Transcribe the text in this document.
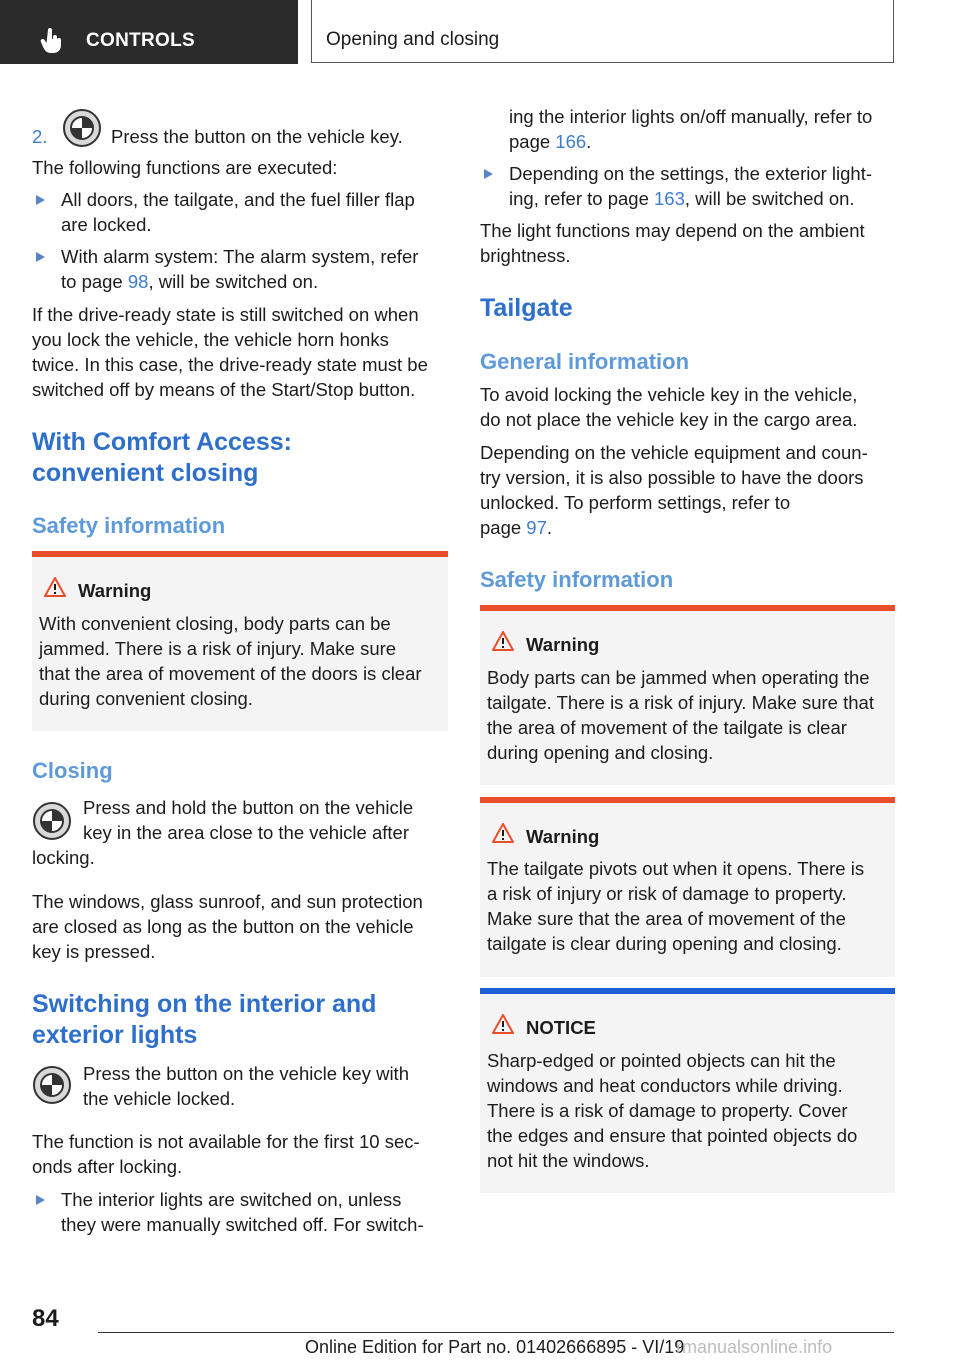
CONTROLS	Opening and closing
2.	Press the button on the vehicle key.
The following functions are executed:
All doors, the tailgate, and the fuel filler flap
are locked.
With alarm system: The alarm system, refer
to page 98, will be switched on.
If the drive-ready state is still switched on when
you lock the vehicle, the vehicle horn honks
twice. In this case, the drive-ready state must be
switched off by means of the Start/Stop button.
With Comfort Access:
convenient closing
Safety information
Warning
With convenient closing, body parts can be
jammed. There is a risk of injury. Make sure
that the area of movement of the doors is clear
during convenient closing.
Closing
Press and hold the button on the vehicle
key in the area close to the vehicle after
locking.
The windows, glass sunroof, and sun protection
are closed as long as the button on the vehicle
key is pressed.
Switching on the interior and
exterior lights
Press the button on the vehicle key with
the vehicle locked.
The function is not available for the first 10 sec-
onds after locking.
The interior lights are switched on, unless
they were manually switched off. For switch-
ing the interior lights on/off manually, refer to
page 166.
Depending on the settings, the exterior light-
ing, refer to page 163, will be switched on.
The light functions may depend on the ambient
brightness.
Tailgate
General information
To avoid locking the vehicle key in the vehicle,
do not place the vehicle key in the cargo area.
Depending on the vehicle equipment and coun-
try version, it is also possible to have the doors
unlocked. To perform settings, refer to
page 97.
Safety information
Warning
Body parts can be jammed when operating the
tailgate. There is a risk of injury. Make sure that
the area of movement of the tailgate is clear
during opening and closing.
Warning
The tailgate pivots out when it opens. There is
a risk of injury or risk of damage to property.
Make sure that the area of movement of the
tailgate is clear during opening and closing.
NOTICE
Sharp-edged or pointed objects can hit the
windows and heat conductors while driving.
There is a risk of damage to property. Cover
the edges and ensure that pointed objects do
not hit the windows.
84
Online Edition for Part no. 01402666895 - VI/19
rmanualsonline.info
